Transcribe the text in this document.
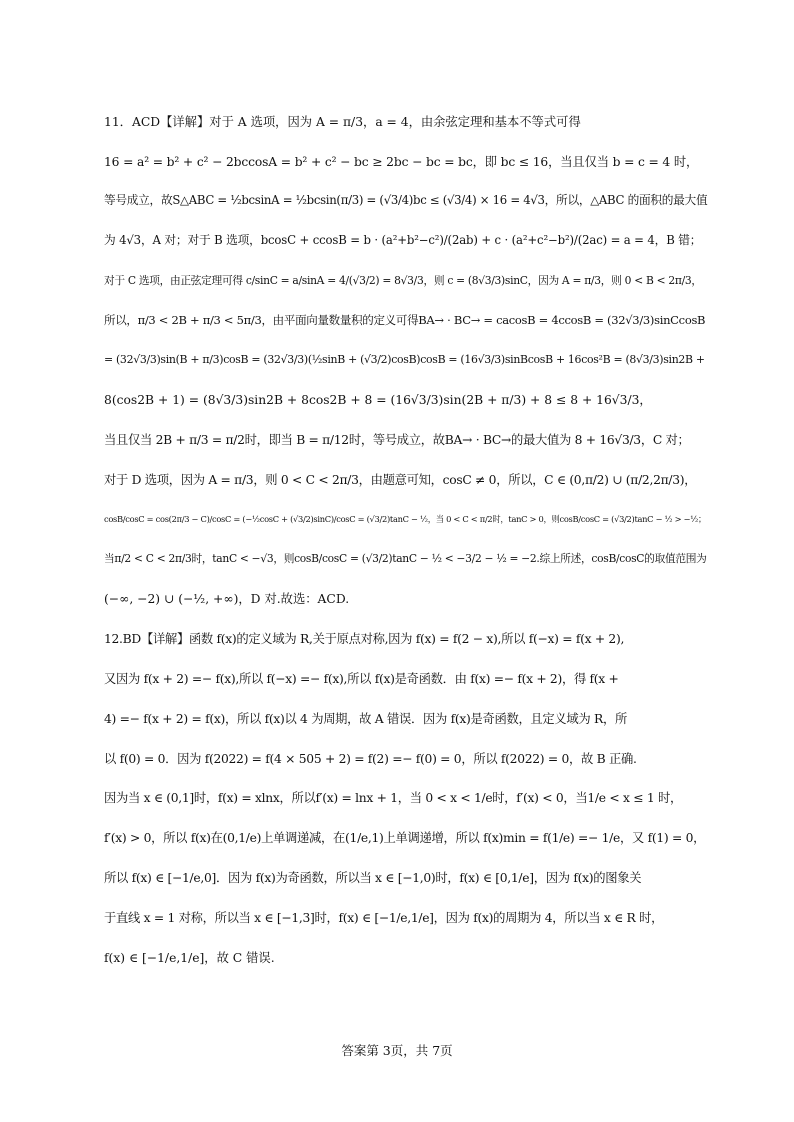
11．ACD【详解】对于 A 选项，因为 A = π/3，a = 4，由余弦定理和基本不等式可得
16 = a² = b² + c² − 2bccosA = b² + c² − bc ≥ 2bc − bc = bc，即 bc ≤ 16，当且仅当 b = c = 4 时，
等号成立，故S△ABC = ½bcsinA = ½bcsin(π/3) = (√3/4)bc ≤ (√3/4) × 16 = 4√3，所以，△ABC 的面积的最大值
为 4√3，A 对；对于 B 选项，bcosC + ccosB = b · (a²+b²−c²)/(2ab) + c · (a²+c²−b²)/(2ac) = a = 4，B 错；
对于 C 选项，由正弦定理可得 c/sinC = a/sinA = 4/(√3/2) = 8√3/3，则 c = (8√3/3)sinC，因为 A = π/3，则 0 < B < 2π/3，
所以，π/3 < 2B + π/3 < 5π/3，由平面向量数量积的定义可得BA→ · BC→ = cacosB = 4ccosB = (32√3/3)sinCcosB
= (32√3/3)sin(B + π/3)cosB = (32√3/3)(½sinB + (√3/2)cosB)cosB = (16√3/3)sinBcosB + 16cos²B = (8√3/3)sin2B +
8(cos2B + 1) = (8√3/3)sin2B + 8cos2B + 8 = (16√3/3)sin(2B + π/3) + 8 ≤ 8 + 16√3/3，
当且仅当 2B + π/3 = π/2时，即当 B = π/12时，等号成立，故BA→ · BC→的最大值为 8 + 16√3/3，C 对；
对于 D 选项，因为 A = π/3，则 0 < C < 2π/3，由题意可知，cosC ≠ 0，所以，C ∈ (0,π/2) ∪ (π/2,2π/3)，
cosB/cosC = cos(2π/3 − C)/cosC = (−½cosC + (√3/2)sinC)/cosC = (√3/2)tanC − ½，当 0 < C < π/2时，tanC > 0，则cosB/cosC = (√3/2)tanC − ½ > −½；
当π/2 < C < 2π/3时，tanC < −√3，则cosB/cosC = (√3/2)tanC − ½ < −3/2 − ½ = −2.综上所述，cosB/cosC的取值范围为
(−∞, −2) ∪ (−½, +∞)，D 对.故选：ACD.
12.BD【详解】函数 f(x)的定义域为 R,关于原点对称,因为 f(x) = f(2 − x),所以 f(−x) = f(x + 2),
又因为 f(x + 2) =− f(x),所以 f(−x) =− f(x),所以 f(x)是奇函数．由 f(x) =− f(x + 2)，得 f(x +
4) =− f(x + 2) = f(x)，所以 f(x)以 4 为周期，故 A 错误．因为 f(x)是奇函数，且定义域为 R，所
以 f(0) = 0．因为 f(2022) = f(4 × 505 + 2) = f(2) =− f(0) = 0，所以 f(2022) = 0，故 B 正确.
因为当 x ∈ (0,1]时，f(x) = xlnx，所以f′(x) = lnx + 1，当 0 < x < 1/e时，f′(x) < 0，当1/e < x ≤ 1 时，
f′(x) > 0，所以 f(x)在(0,1/e)上单调递减，在(1/e,1)上单调递增，所以 f(x)min = f(1/e) =− 1/e，又 f(1) = 0，
所以 f(x) ∈ [−1/e,0]．因为 f(x)为奇函数，所以当 x ∈ [−1,0)时，f(x) ∈ [0,1/e]，因为 f(x)的图象关
于直线 x = 1 对称，所以当 x ∈ [−1,3]时，f(x) ∈ [−1/e,1/e]，因为 f(x)的周期为 4，所以当 x ∈ R 时，
f(x) ∈ [−1/e,1/e]，故 C 错误.
答案第 3页，共 7页
